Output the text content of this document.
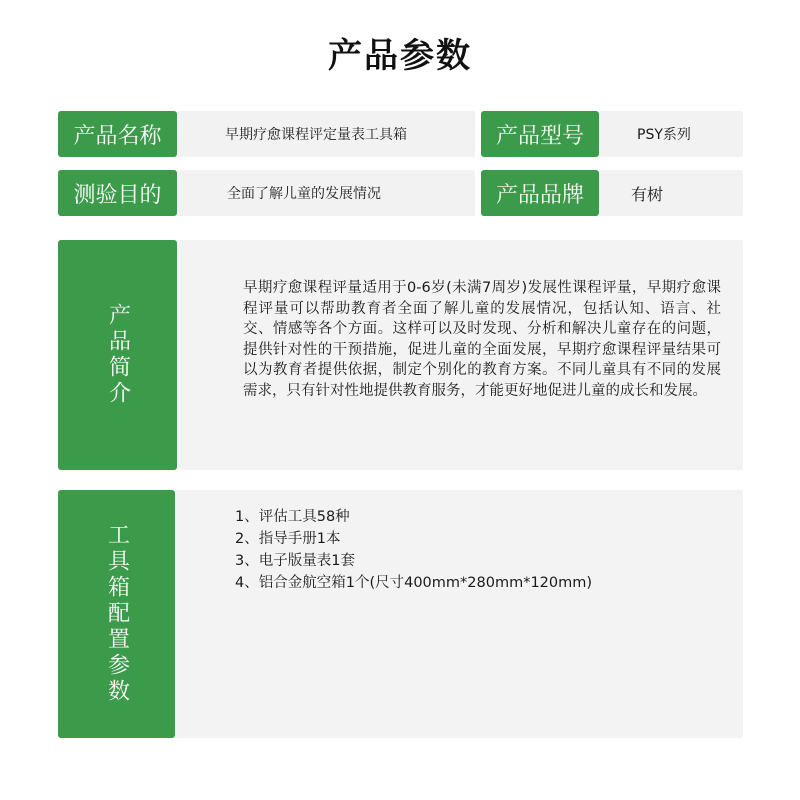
产品参数
产品名称	早期疗愈课程评定量表工具箱	产品型号	PSY系列
测验目的	全面了解儿童的发展情况	产品品牌	有树
产品简介
早期疗愈课程评量适用于0-6岁(未满7周岁)发展性课程评量，早期疗愈课程评量可以帮助教育者全面了解儿童的发展情况，包括认知、语言、社交、情感等各个方面。这样可以及时发现、分析和解决儿童存在的问题，提供针对性的干预措施，促进儿童的全面发展，早期疗愈课程评量结果可以为教育者提供依据，制定个别化的教育方案。不同儿童具有不同的发展需求，只有针对性地提供教育服务，才能更好地促进儿童的成长和发展。
工具箱配置参数
1、评估工具58种
2、指导手册1本
3、电子版量表1套
4、铝合金航空箱1个(尺寸400mm*280mm*120mm)
